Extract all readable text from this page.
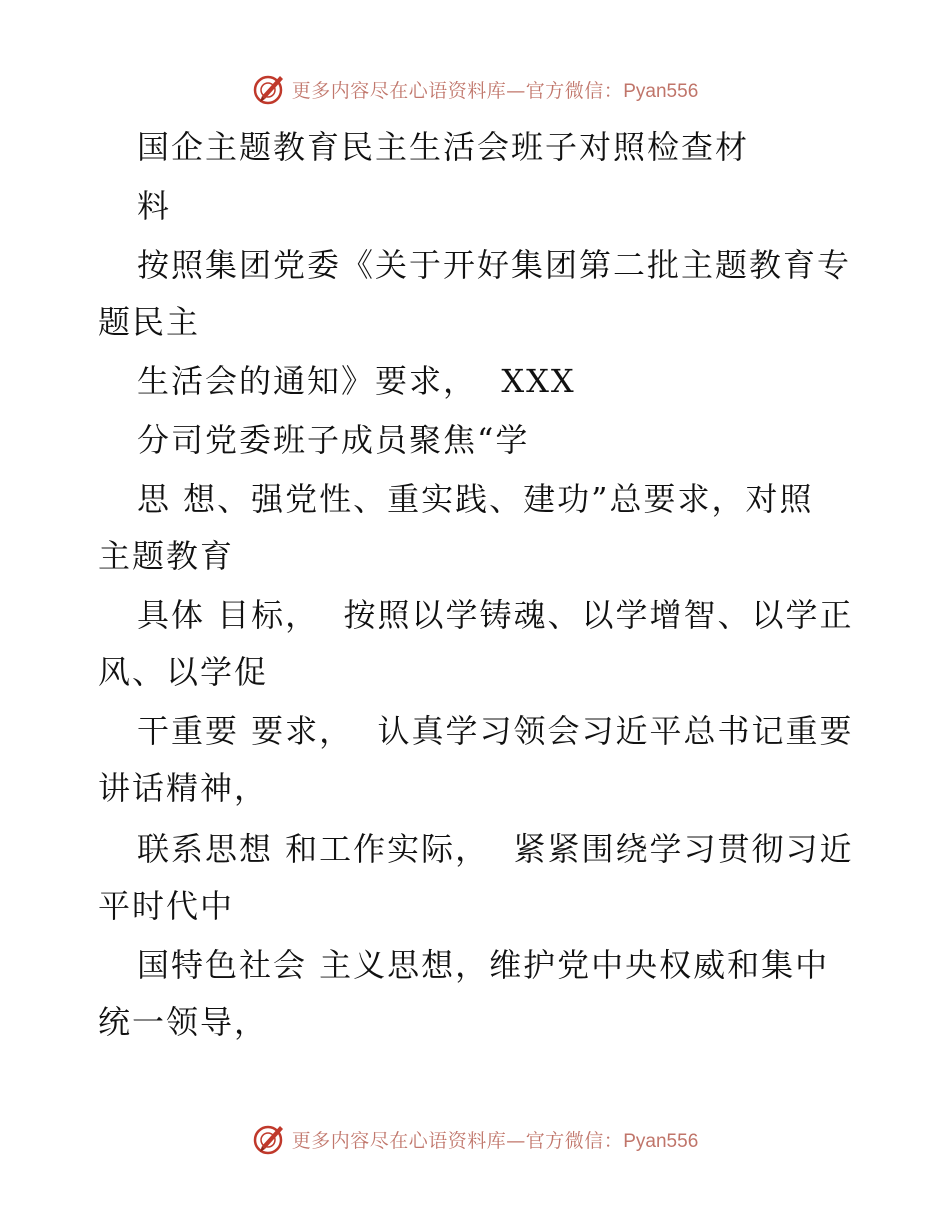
更多内容尽在心语资料库—官方微信：Pyan556
国企主题教育民主生活会班子对照检查材
料
按照集团党委《关于开好集团第二批主题教育专
题民主
生活会的通知》要求，  XXX
分司党委班子成员聚焦“学
思 想、强党性、重实践、建功”总要求，对照
主题教育
具体 目标，  按照以学铸魂、以学增智、以学正
风、以学促
干重要 要求，  认真学习领会习近平总书记重要
讲话精神，
联系思想 和工作实际，  紧紧围绕学习贯彻习近
平时代中
国特色社会 主义思想，维护党中央权威和集中
统一领导，
更多内容尽在心语资料库—官方微信：Pyan556
